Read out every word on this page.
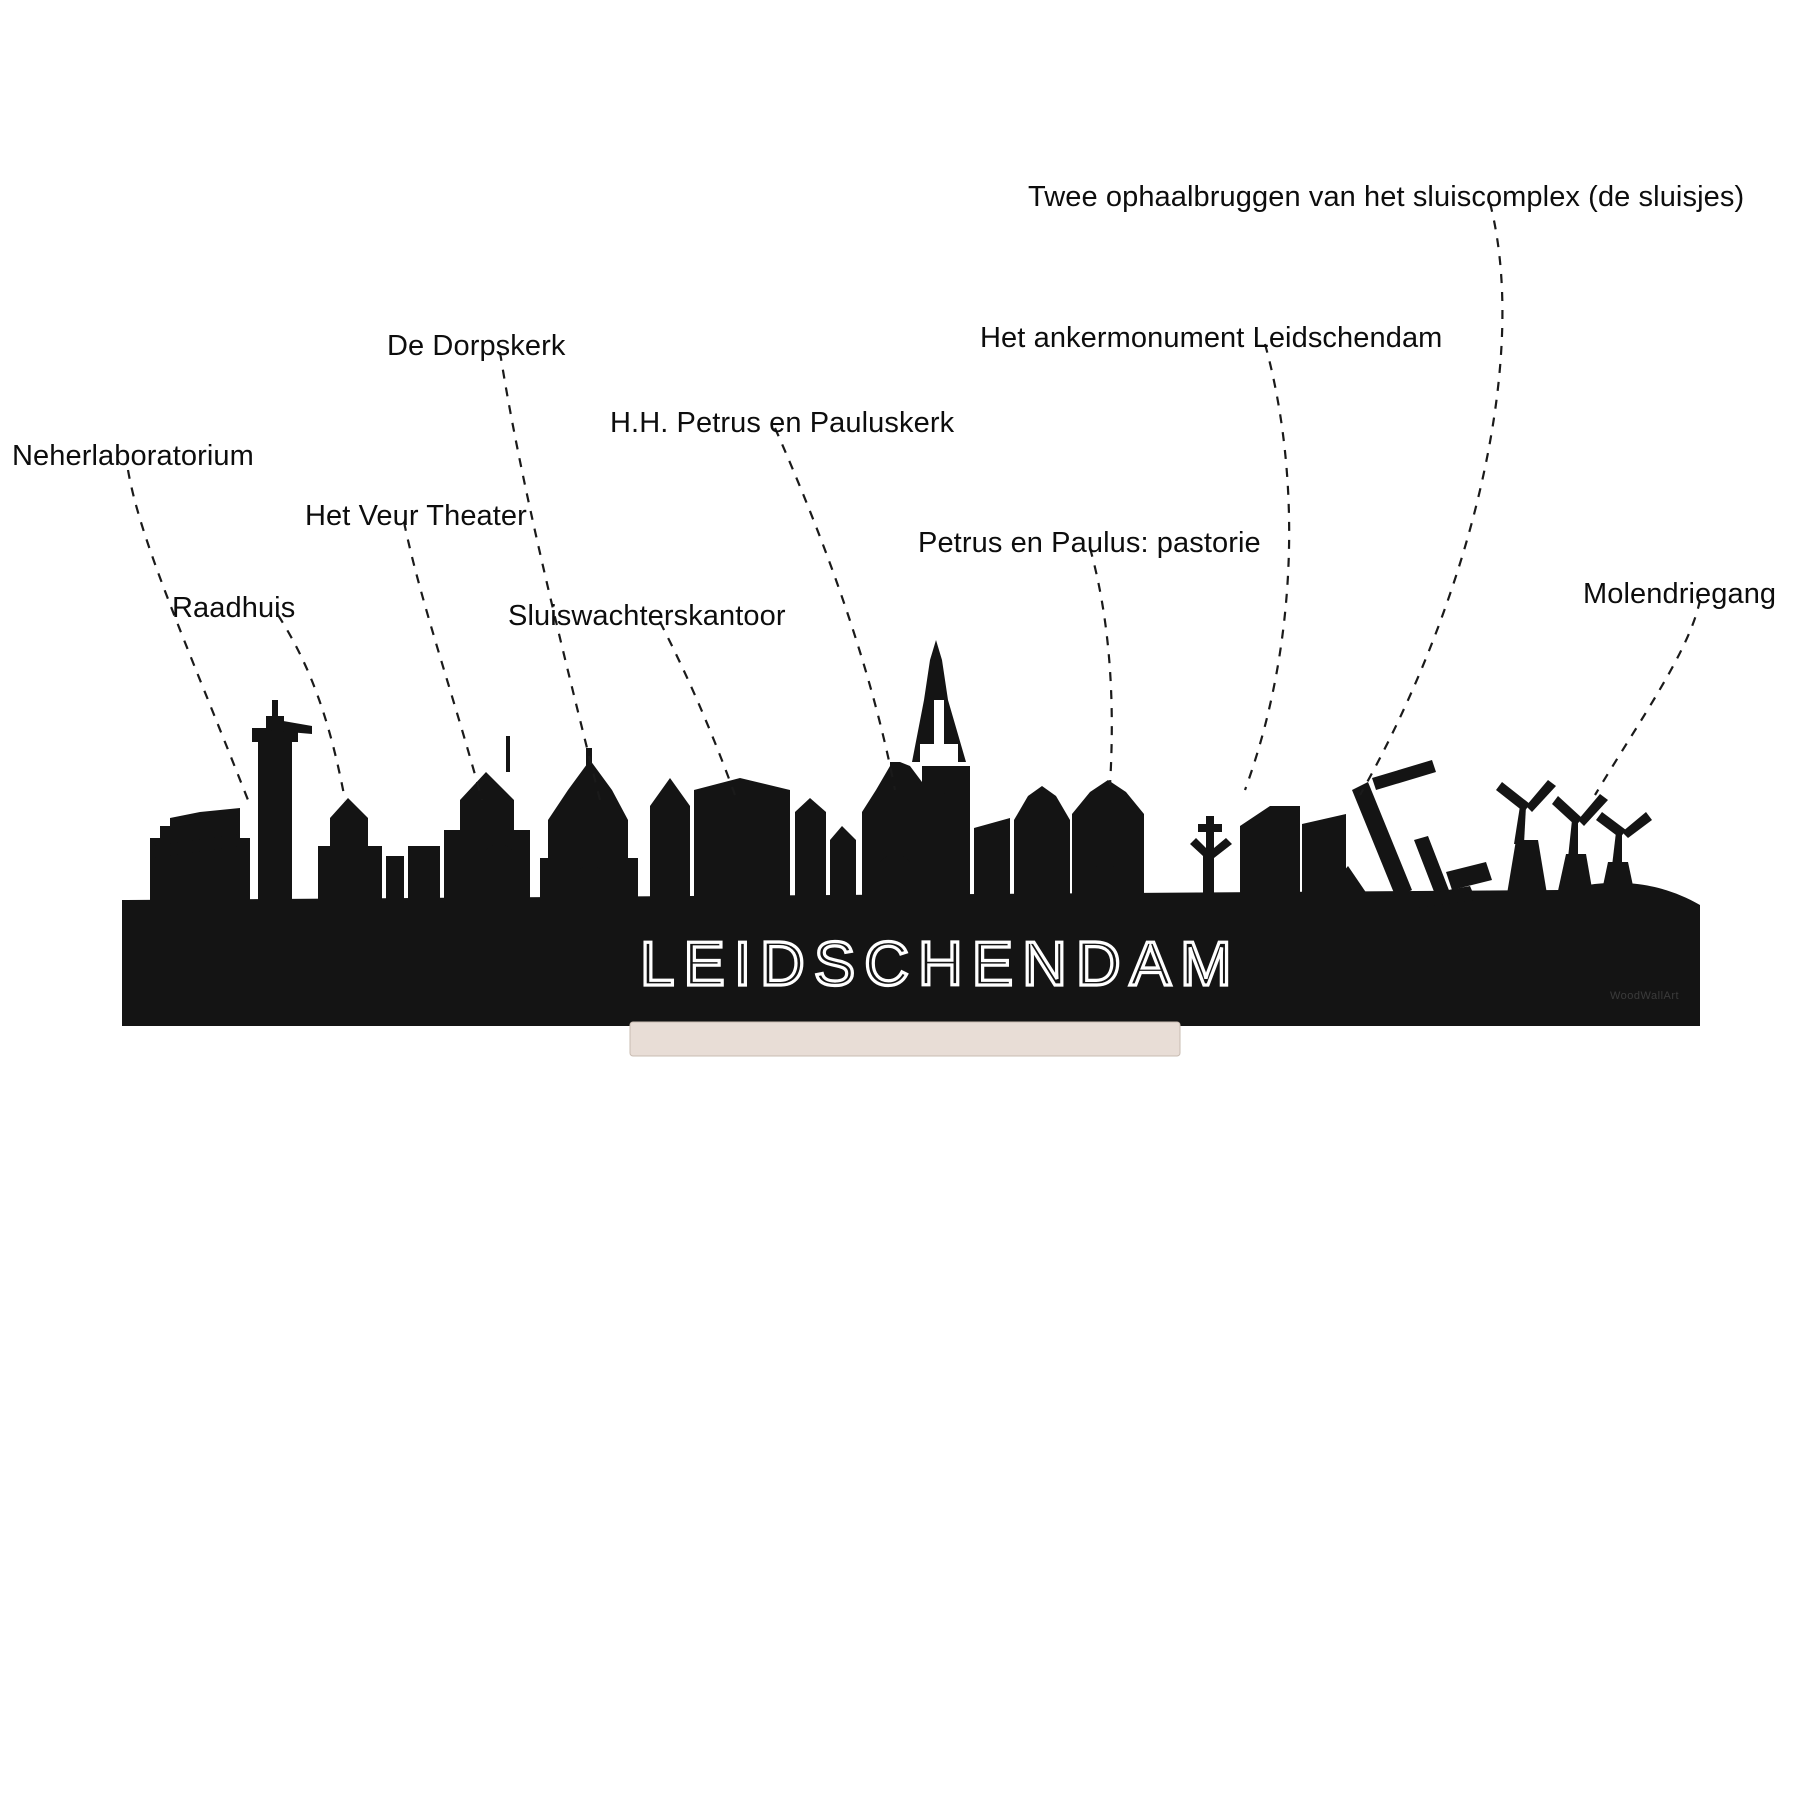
LEIDSCHENDAM
Neherlaboratorium
Raadhuis
Het Veur Theater
De Dorpskerk
Sluiswachterskantoor
H.H. Petrus en Pauluskerk
Petrus en Paulus: pastorie
Het ankermonument Leidschendam
Twee ophaalbruggen van het sluiscomplex (de sluisjes)
Molendriegang
WoodWallArt
